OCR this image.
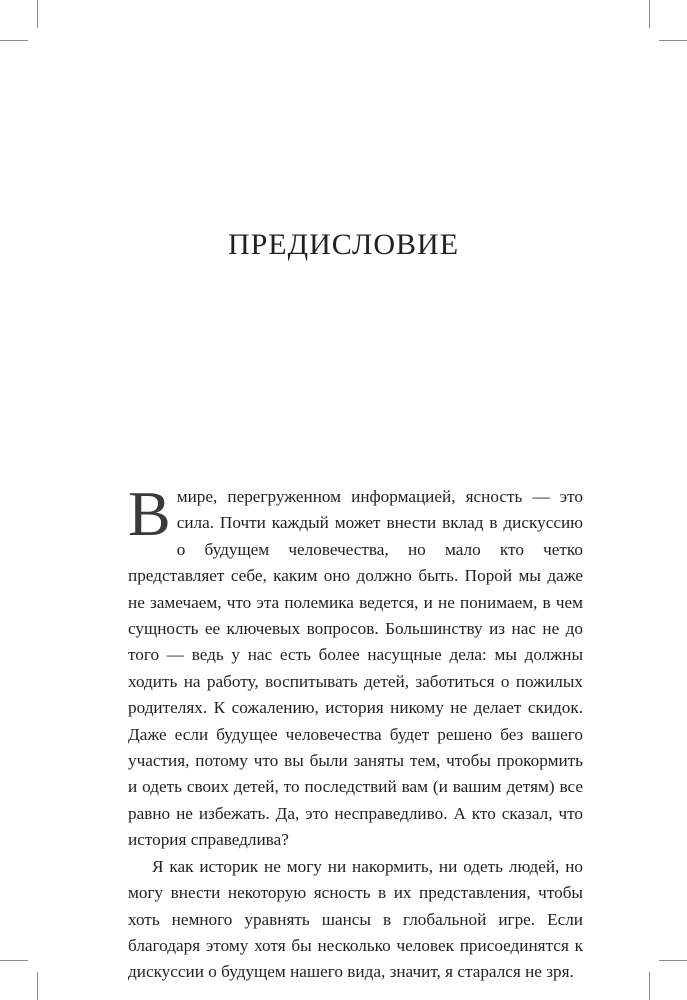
ПРЕДИСЛОВИЕ

Вмире, перегруженном информацией, ясность — это сила. Почти каждый может внести вклад в дискуссию о будущем человечества, но мало кто четко представляет себе, каким оно должно быть. Порой мы даже не замечаем, что эта полемика ведется, и не понимаем, в чем сущность ее ключевых вопросов. Большинству из нас не до того — ведь у нас есть более насущные дела: мы должны ходить на работу, воспитывать детей, заботиться о пожилых родителях. К сожалению, история никому не делает скидок. Даже если будущее человечества будет решено без вашего участия, потому что вы были заняты тем, чтобы прокормить и одеть своих детей, то последствий вам (и вашим детям) все равно не избежать. Да, это несправедливо. А кто сказал, что история справедлива?

Я как историк не могу ни накормить, ни одеть людей, но могу внести некоторую ясность в их представления, чтобы хоть немного уравнять шансы в глобальной игре. Если благодаря этому хотя бы несколько человек присоединятся к дискуссии о будущем нашего вида, значит, я старался не зря.
